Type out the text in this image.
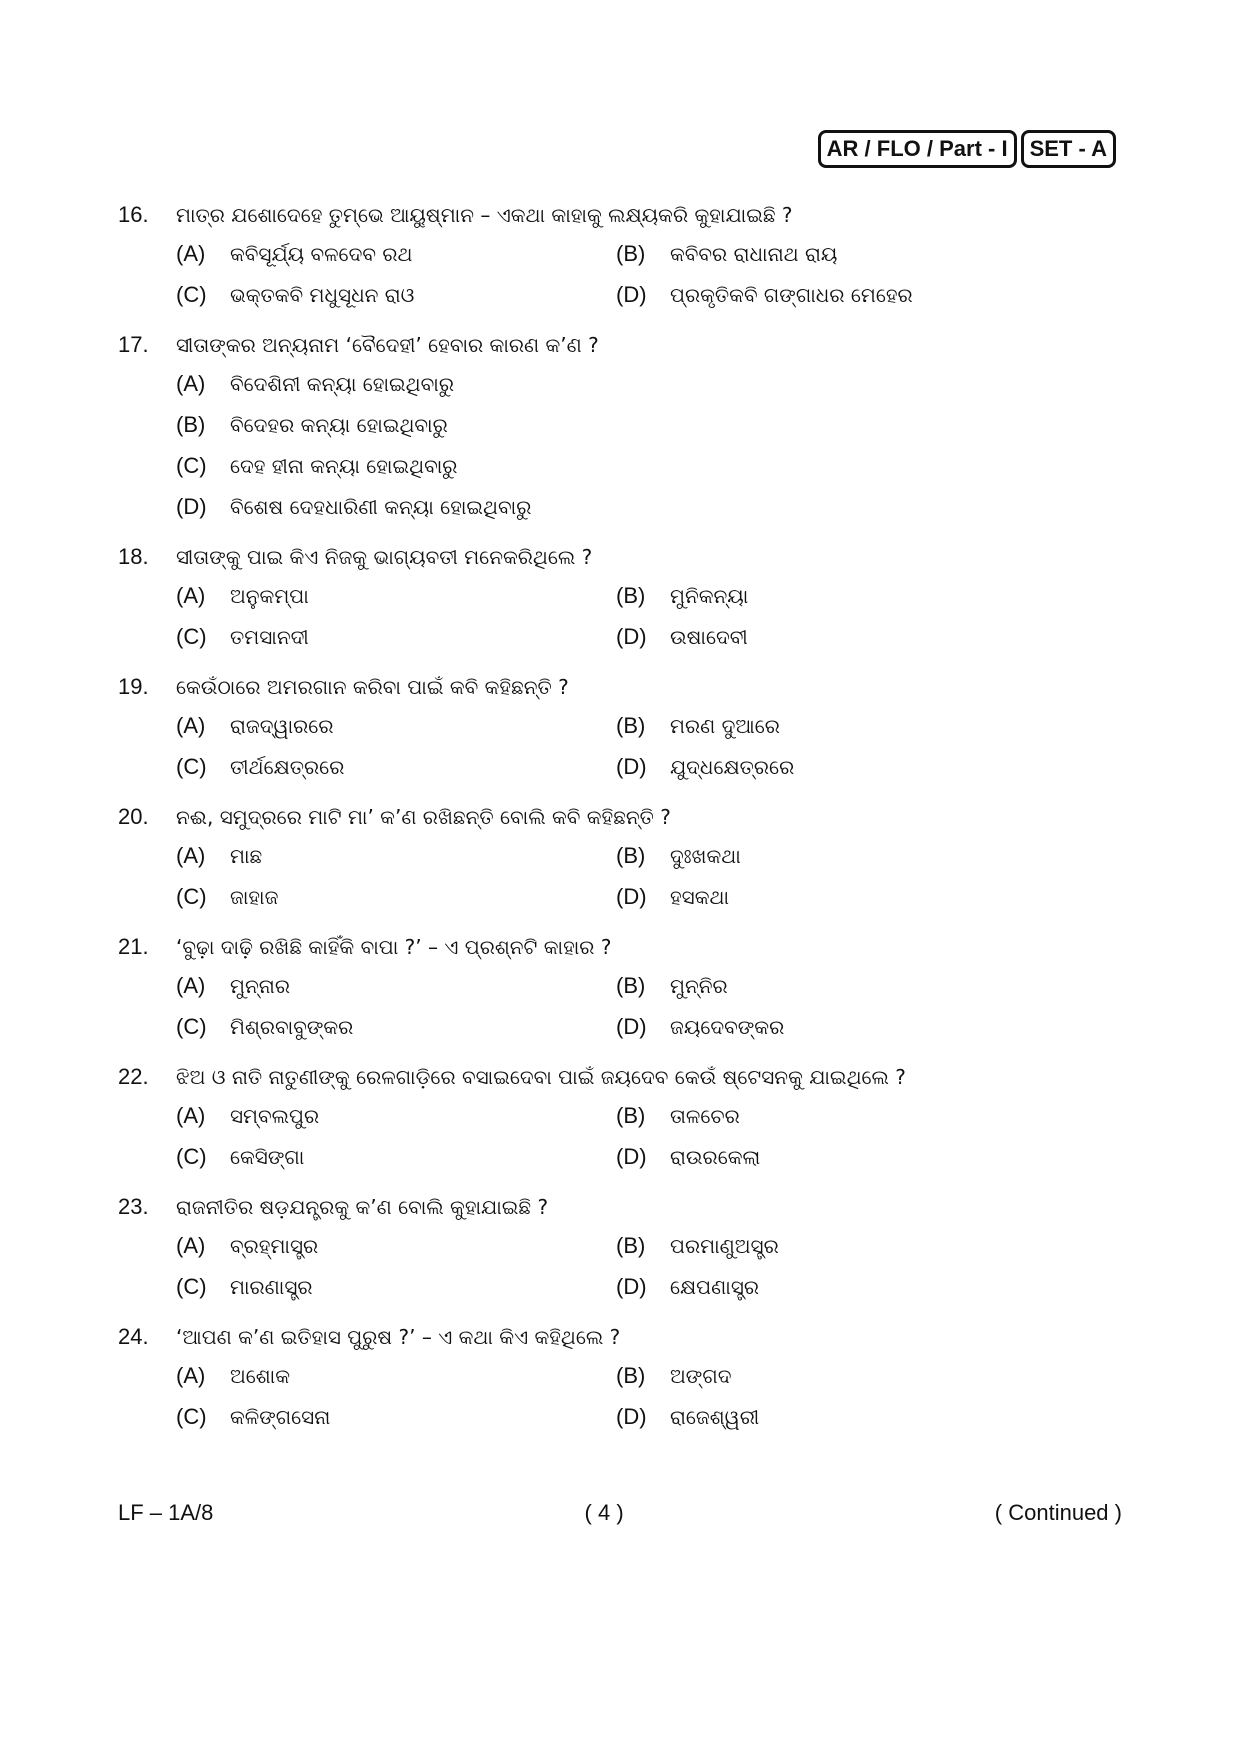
AR / FLO / Part - I	SET - A
16.	ମାତ୍ର ଯଶୋଦେହେ ତୁମ୍ଭେ ଆୟୁଷ୍ମାନ – ଏକଥା କାହାକୁ ଲକ୍ଷ୍ୟକରି କୁହାଯାଇଛି ?
(A)	କବିସୂର୍ଯ୍ୟ ବଳଦେବ ରଥ	(B)	କବିବର ରାଧାନାଥ ରାୟ
(C)	ଭକ୍ତକବି ମଧୁସୂଧନ ରାଓ	(D)	ପ୍ରକୃତିକବି ଗଙ୍ଗାଧର ମେହେର
17.	ସୀତାଙ୍କର ଅନ୍ୟନାମ ‘ବୈଦେହୀ’ ହେବାର କାରଣ କ’ଣ ?
(A)	ବିଦେଶିନୀ କନ୍ୟା ହୋଇଥିବାରୁ
(B)	ବିଦେହର କନ୍ୟା ହୋଇଥିବାରୁ
(C)	ଦେହ ହୀନା କନ୍ୟା ହୋଇଥିବାରୁ
(D)	ବିଶେଷ ଦେହଧାରିଣୀ କନ୍ୟା ହୋଇଥିବାରୁ
18.	ସୀତାଙ୍କୁ ପାଇ କିଏ ନିଜକୁ ଭାଗ୍ୟବତୀ ମନେକରିଥିଲେ ?
(A)	ଅନୁକମ୍ପା	(B)	ମୁନିକନ୍ୟା
(C)	ତମସାନଦୀ	(D)	ଉଷାଦେବୀ
19.	କେଉଁଠାରେ ଅମରଗାନ କରିବା ପାଇଁ କବି କହିଛନ୍ତି ?
(A)	ରାଜଦ୍ୱାରରେ	(B)	ମରଣ ଦୁଆରେ
(C)	ତୀର୍ଥକ୍ଷେତ୍ରରେ	(D)	ଯୁଦ୍ଧକ୍ଷେତ୍ରରେ
20.	ନଈ, ସମୁଦ୍ରରେ ମାଟି ମା’ କ’ଣ ରଖିଛନ୍ତି ବୋଲି କବି କହିଛନ୍ତି ?
(A)	ମାଛ	(B)	ଦୁଃଖକଥା
(C)	ଜାହାଜ	(D)	ହସକଥା
21.	‘ବୁଢ଼ା ଦାଢ଼ି ରଖିଛି କାହିଁକି ବାପା ?’ – ଏ ପ୍ରଶ୍ନଟି କାହାର ?
(A)	ମୁନ୍ନାର	(B)	ମୁନ୍ନିର
(C)	ମିଶ୍ରବାବୁଙ୍କର	(D)	ଜୟଦେବଙ୍କର
22.	ଝିଅ ଓ ନାତି ନାତୁଣୀଙ୍କୁ ରେଳଗାଡ଼ିରେ ବସାଇଦେବା ପାଇଁ ଜୟଦେବ କେଉଁ ଷ୍ଟେସନକୁ ଯାଇଥିଲେ ?
(A)	ସମ୍ବଲପୁର	(B)	ତାଳଚେର
(C)	କେସିଙ୍ଗା	(D)	ରାଉରକେଲା
23.	ରାଜନୀତିର ଷଡ଼ଯନ୍ତ୍ରକୁ କ’ଣ ବୋଲି କୁହାଯାଇଛି ?
(A)	ବ୍ରହ୍ମାସ୍ତ୍ର	(B)	ପରମାଣୁଅସ୍ତ୍ର
(C)	ମାରଣାସ୍ତ୍ର	(D)	କ୍ଷେପଣାସ୍ତ୍ର
24.	‘ଆପଣ କ’ଣ ଇତିହାସ ପୁରୁଷ ?’ – ଏ କଥା କିଏ କହିଥିଲେ ?
(A)	ଅଶୋକ	(B)	ଅଙ୍ଗଦ
(C)	କଳିଙ୍ଗସେନା	(D)	ରାଜେଶ୍ୱରୀ
LF – 1A/8	( 4 )	( Continued )
